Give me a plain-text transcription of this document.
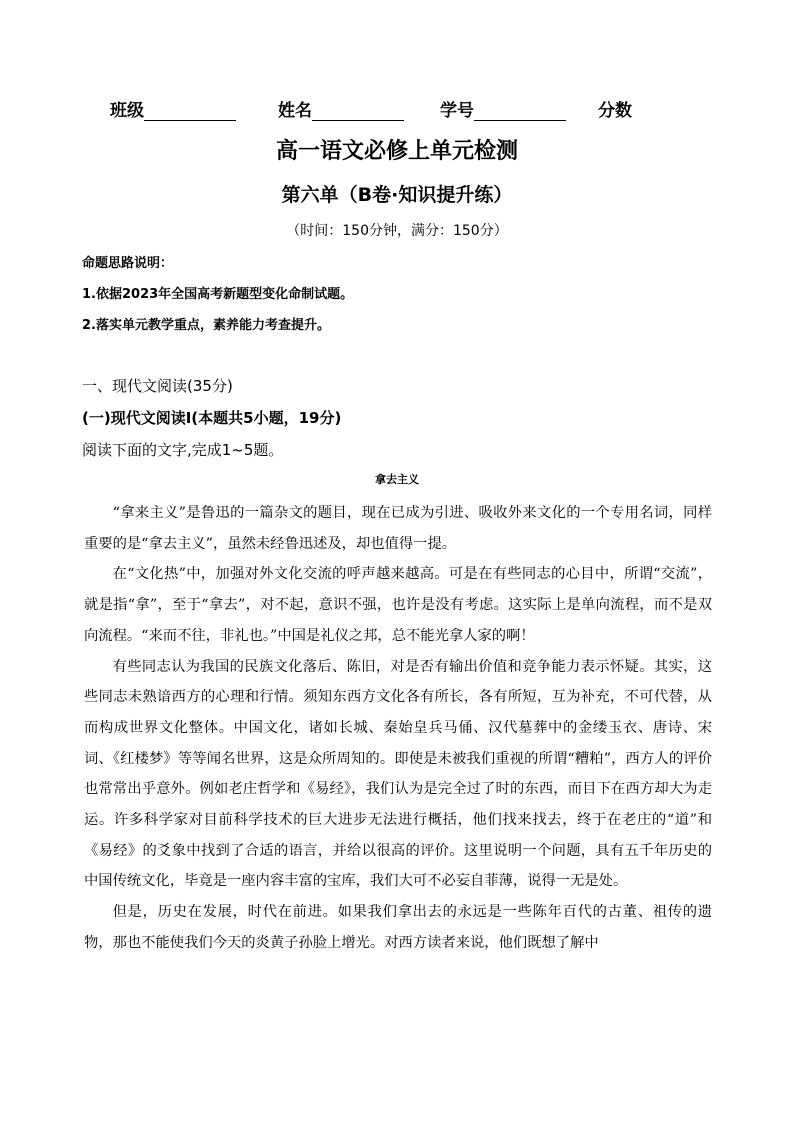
班级	姓名	学号	分数
高一语文必修上单元检测
第六单（B卷·知识提升练）
（时间：150分钟，满分：150分）
命题思路说明：
1.依据2023年全国高考新题型变化命制试题。
2.落实单元教学重点，素养能力考查提升。
一、现代文阅读(35分)
(一)现代文阅读Ⅰ(本题共5小题，19分)
阅读下面的文字,完成1~5题。
拿去主义

“拿来主义”是鲁迅的一篇杂文的题目，现在已成为引进、吸收外来文化的一个专用名词，同样重要的是“拿去主义”，虽然未经鲁迅述及，却也值得一提。

在“文化热”中，加强对外文化交流的呼声越来越高。可是在有些同志的心目中，所谓“交流”，就是指“拿”，至于“拿去”，对不起，意识不强，也许是没有考虑。这实际上是单向流程，而不是双向流程。“来而不往，非礼也。”中国是礼仪之邦，总不能光拿人家的啊！

有些同志认为我国的民族文化落后、陈旧，对是否有输出价值和竞争能力表示怀疑。其实，这些同志未熟谙西方的心理和行情。须知东西方文化各有所长，各有所短，互为补充，不可代替，从而构成世界文化整体。中国文化，诸如长城、秦始皇兵马俑、汉代墓葬中的金缕玉衣、唐诗、宋词、《红楼梦》等等闻名世界，这是众所周知的。即使是未被我们重视的所谓“糟粕”，西方人的评价也常常出乎意外。例如老庄哲学和《易经》，我们认为是完全过了时的东西，而目下在西方却大为走运。许多科学家对目前科学技术的巨大进步无法进行概括，他们找来找去，终于在老庄的“道”和《易经》的爻象中找到了合适的语言，并给以很高的评价。这里说明一个问题，具有五千年历史的中国传统文化，毕竟是一座内容丰富的宝库，我们大可不必妄自菲薄，说得一无是处。

但是，历史在发展，时代在前进。如果我们拿出去的永远是一些陈年百代的古董、祖传的遗物，那也不能使我们今天的炎黄子孙脸上增光。对西方读者来说，他们既想了解中
